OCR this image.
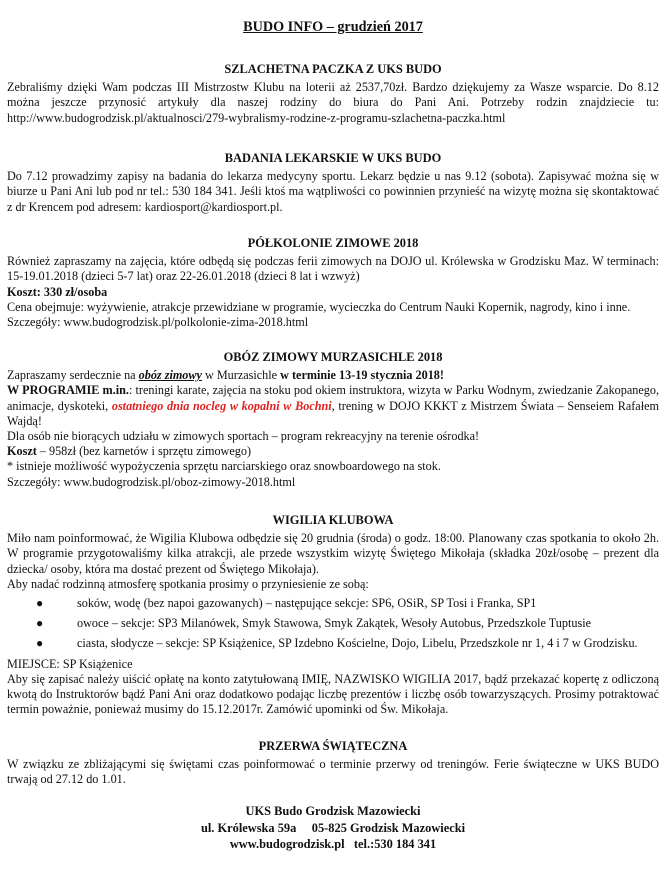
BUDO INFO – grudzień 2017
SZLACHETNA PACZKA Z UKS BUDO

Zebraliśmy dzięki Wam podczas III Mistrzostw Klubu na loterii aż 2537,70zł. Bardzo dziękujemy za Wasze wsparcie. Do 8.12 można jeszcze przynosić artykuły dla naszej rodziny do biura do Pani Ani. Potrzeby rodzin znajdziecie tu: http://www.budogrodzisk.pl/aktualnosci/279-wybralismy-rodzine-z-programu-szlachetna-paczka.html

BADANIA LEKARSKIE W UKS BUDO

Do 7.12 prowadzimy zapisy na badania do lekarza medycyny sportu. Lekarz będzie u nas 9.12 (sobota). Zapisywać można się w biurze u Pani Ani lub pod nr tel.: 530 184 341. Jeśli ktoś ma wątpliwości co powinnien przynieść na wizytę można się skontaktować z dr Krencem pod adresem: kardiosport@kardiosport.pl.

PÓŁKOLONIE ZIMOWE 2018

Również zapraszamy na zajęcia, które odbędą się podczas ferii zimowych na DOJO ul. Królewska w Grodzisku Maz. W terminach: 15-19.01.2018 (dzieci 5-7 lat) oraz 22-26.01.2018 (dzieci 8 lat i wzwyż)

Koszt: 330 zł/osoba

Cena obejmuje: wyżywienie, atrakcje przewidziane w programie, wycieczka do Centrum Nauki Kopernik, nagrody, kino i inne.

Szczegóły: www.budogrodzisk.pl/polkolonie-zima-2018.html

OBÓZ ZIMOWY MURZASICHLE 2018

Zapraszamy serdecznie na obóz zimowy w Murzasichle w terminie 13-19 stycznia 2018!

W PROGRAMIE m.in.: treningi karate, zajęcia na stoku pod okiem instruktora, wizyta w Parku Wodnym, zwiedzanie Zakopanego, animacje, dyskoteki, ostatniego dnia nocleg w kopalni w Bochni, trening w DOJO KKKT z Mistrzem Świata – Senseiem Rafałem Wajdą!

Dla osób nie biorących udziału w zimowych sportach – program rekreacyjny na terenie ośrodka!

Koszt – 958zł (bez karnetów i sprzętu zimowego)

* istnieje możliwość wypożyczenia sprzętu narciarskiego oraz snowboardowego na stok.

Szczegóły: www.budogrodzisk.pl/oboz-zimowy-2018.html

WIGILIA KLUBOWA

Miło nam poinformować, że Wigilia Klubowa odbędzie się 20 grudnia (środa) o godz. 18:00. Planowany czas spotkania to około 2h. W programie przygotowaliśmy kilka atrakcji, ale przede wszystkim wizytę Świętego Mikołaja (składka 20zł/osobę – prezent dla dziecka/ osoby, która ma dostać prezent od Świętego Mikołaja).

Aby nadać rodzinną atmosferę spotkania prosimy o przyniesienie ze sobą:

●	soków, wodę (bez napoi gazowanych) – następujące sekcje: SP6, OSiR, SP Tosi i Franka, SP1
●	owoce – sekcje: SP3 Milanówek, Smyk Stawowa, Smyk Zakątek, Wesoły Autobus, Przedszkole Tuptusie
●	ciasta, słodycze – sekcje: SP Książenice, SP Izdebno Kościelne, Dojo, Libelu, Przedszkole nr 1, 4 i 7 w Grodzisku.

MIEJSCE: SP Książenice

Aby się zapisać należy uiścić opłatę na konto zatytułowaną IMIĘ, NAZWISKO WIGILIA 2017, bądź przekazać kopertę z odliczoną kwotą do Instruktorów bądź Pani Ani oraz dodatkowo podając liczbę prezentów i liczbę osób towarzyszących. Prosimy potraktować termin poważnie, ponieważ musimy do 15.12.2017r. Zamówić upominki od Św. Mikołaja.

PRZERWA ŚWIĄTECZNA

W związku ze zbliżającymi się świętami czas poinformować o terminie przerwy od treningów. Ferie świąteczne w UKS BUDO trwają od 27.12 do 1.01.

UKS Budo Grodzisk Mazowiecki
ul. Królewska 59a     05-825 Grodzisk Mazowiecki
www.budogrodzisk.pl   tel.:530 184 341
